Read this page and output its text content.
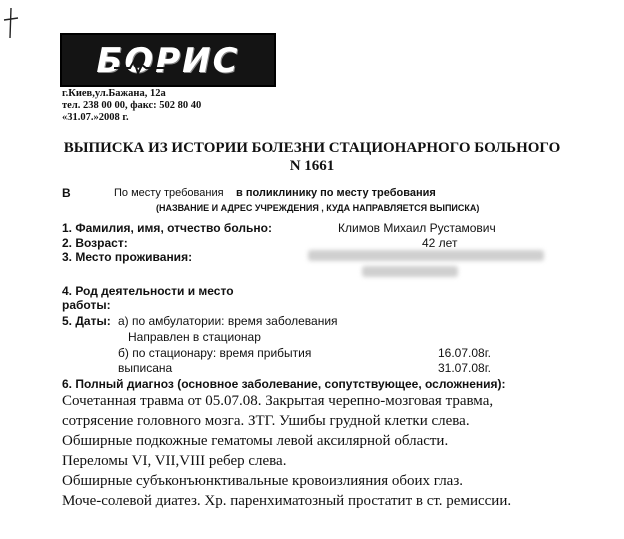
БОРИС
г.Киев,ул.Бажана, 12а
тел. 238 00 00, факс: 502 80 40
«31.07.»2008 г.
ВЫПИСКА ИЗ ИСТОРИИ БОЛЕЗНИ СТАЦИОНАРНОГО БОЛЬНОГО
N 1661
В	По месту требования в поликлинику по месту требования
(НАЗВАНИЕ И АДРЕС УЧРЕЖДЕНИЯ , КУДА НАПРАВЛЯЕТСЯ ВЫПИСКА)
1. Фамилия, имя, отчество больно:	Климов Михаил Рустамович
2. Возраст:	42 лет
3. Место проживания:
4. Род деятельности и место
работы:
5. Даты: а) по амбулатории: время заболевания
Направлен в стационар
б) по стационару: время прибытия	16.07.08г.
выписана	31.07.08г.
6. Полный диагноз (основное заболевание, сопутствующее, осложнения):
Сочетанная травма от 05.07.08. Закрытая черепно-мозговая травма,
сотрясение головного мозга. ЗТГ. Ушибы грудной клетки слева.
Обширные подкожные гематомы левой аксилярной области.
Переломы VI, VII,VIII ребер слева.
Обширные субъконъюнктивальные кровоизлияния обоих глаз.
Моче-солевой диатез. Хр. паренхиматозный простатит в ст. ремиссии.
